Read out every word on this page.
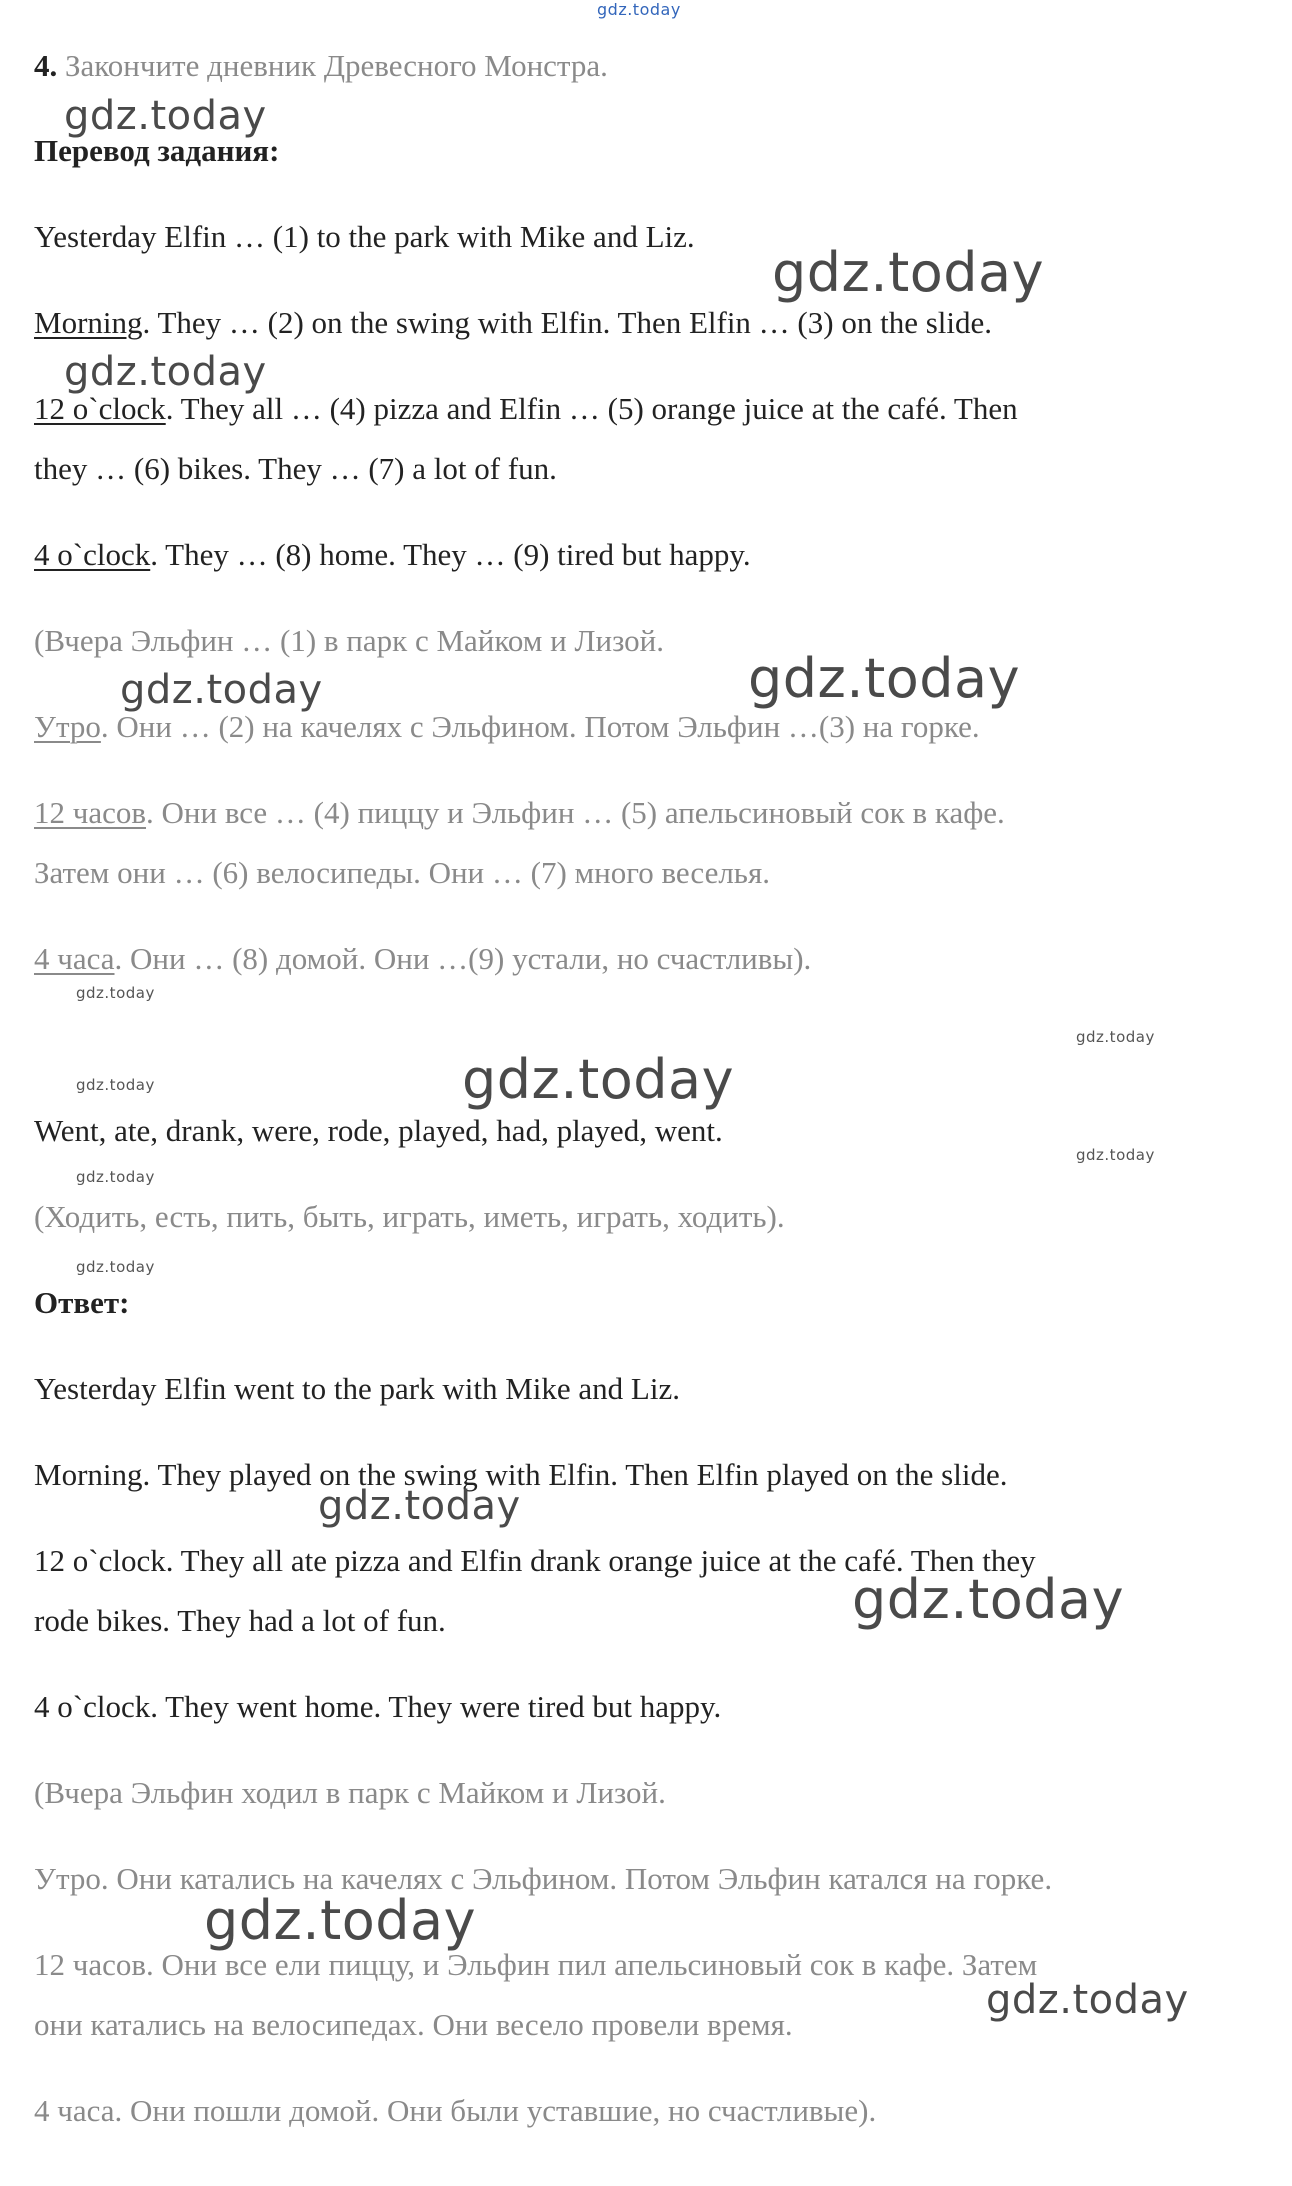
gdz.today
4. Закончите дневник Древесного Монстра.
Перевод задания:
Yesterday Elfin … (1) to the park with Mike and Liz.
Morning. They … (2) on the swing with Elfin. Then Elfin … (3) on the slide.
12 o`clock. They all … (4) pizza and Elfin … (5) orange juice at the café. Then
they … (6) bikes. They … (7) a lot of fun.
4 o`clock. They … (8) home. They … (9) tired but happy.
(Вчера Эльфин … (1) в парк с Майком и Лизой.
Утро. Они … (2) на качелях с Эльфином. Потом Эльфин …(3) на горке.
12 часов. Они все … (4) пиццу и Эльфин … (5) апельсиновый сок в кафе.
Затем они … (6) велосипеды. Они … (7) много веселья.
4 часа. Они … (8) домой. Они …(9) устали, но счастливы).
Went, ate, drank, were, rode, played, had, played, went.
(Ходить, есть, пить, быть, играть, иметь, играть, ходить).
Ответ:
Yesterday Elfin went to the park with Mike and Liz.
Morning. They played on the swing with Elfin. Then Elfin played on the slide.
12 o`clock. They all ate pizza and Elfin drank orange juice at the café. Then they
rode bikes. They had a lot of fun.
4 o`clock. They went home. They were tired but happy.
(Вчера Эльфин ходил в парк с Майком и Лизой.
Утро. Они катались на качелях с Эльфином. Потом Эльфин катался на горке.
12 часов. Они все ели пиццу, и Эльфин пил апельсиновый сок в кафе. Затем
они катались на велосипедах. Они весело провели время.
4 часа. Они пошли домой. Они были уставшие, но счастливые).
gdz.today
gdz.today
gdz.today
gdz.today	gdz.today
gdz.today
gdz.today
gdz.today
gdz.today
gdz.today
gdz.today
gdz.today
gdz.today
gdz.today
gdz.today
gdz.today
